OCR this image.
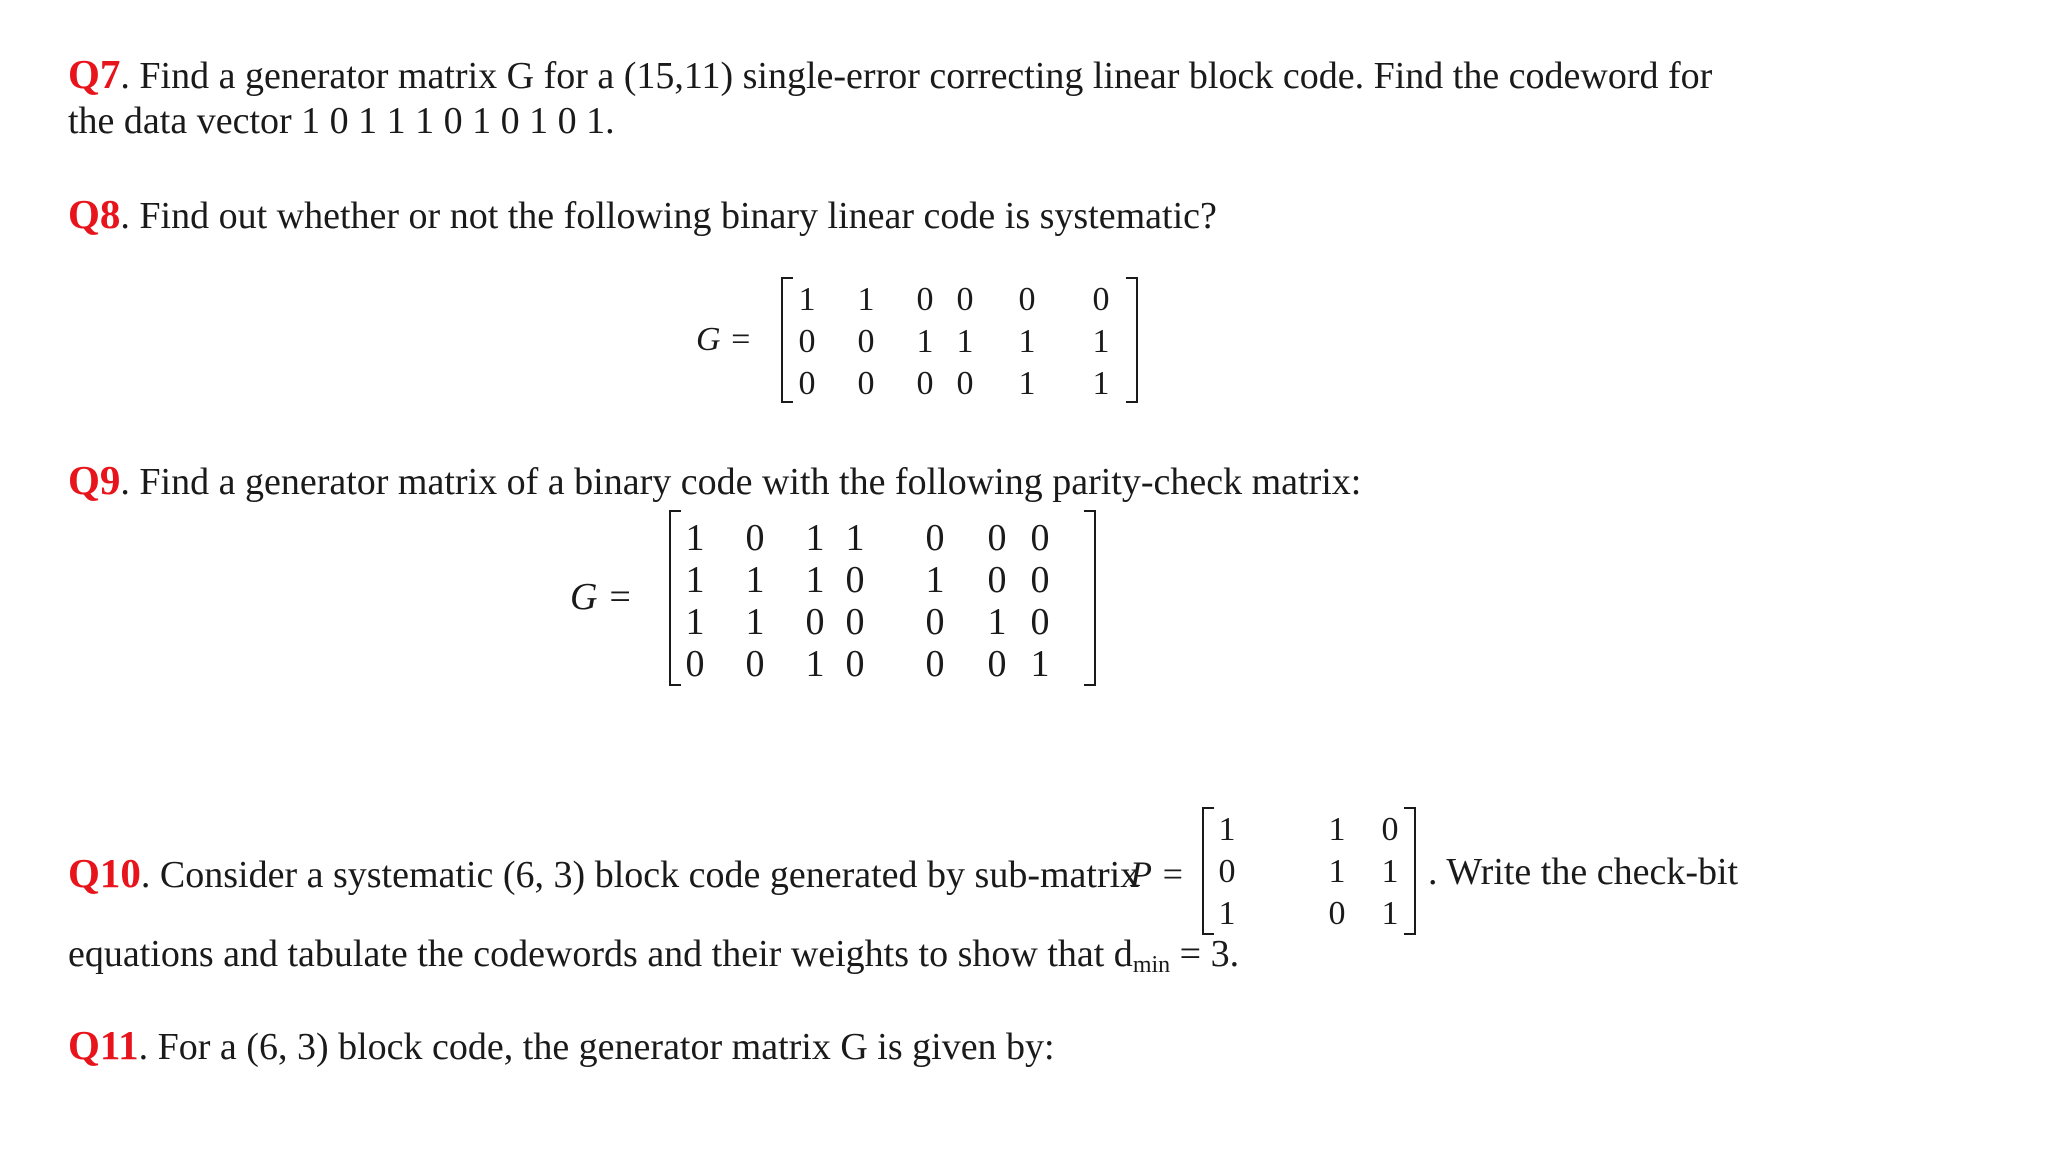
Q7. Find a generator matrix G for a (15,11) single-error correcting linear block code. Find the codeword for
the data vector 1 0 1 1 1 0 1 0 1 0 1.
Q8. Find out whether or not the following binary linear code is systematic?
G =
1 1 0 0 0 0
0 0 1 1 1 1
0 0 0 0 1 1
Q9. Find a generator matrix of a binary code with the following parity-check matrix:
G =
1 0 1 1 0 0 0
1 1 1 0 1 0 0
1 1 0 0 0 1 0
0 0 1 0 0 0 1
Q10. Consider a systematic (6, 3) block code generated by sub-matrix
P =
1	1 0
0	1 1
1	0 1
. Write the check-bit
equations and tabulate the codewords and their weights to show that $d_{min} = 3$.
Q11. For a (6, 3) block code, the generator matrix G is given by:
